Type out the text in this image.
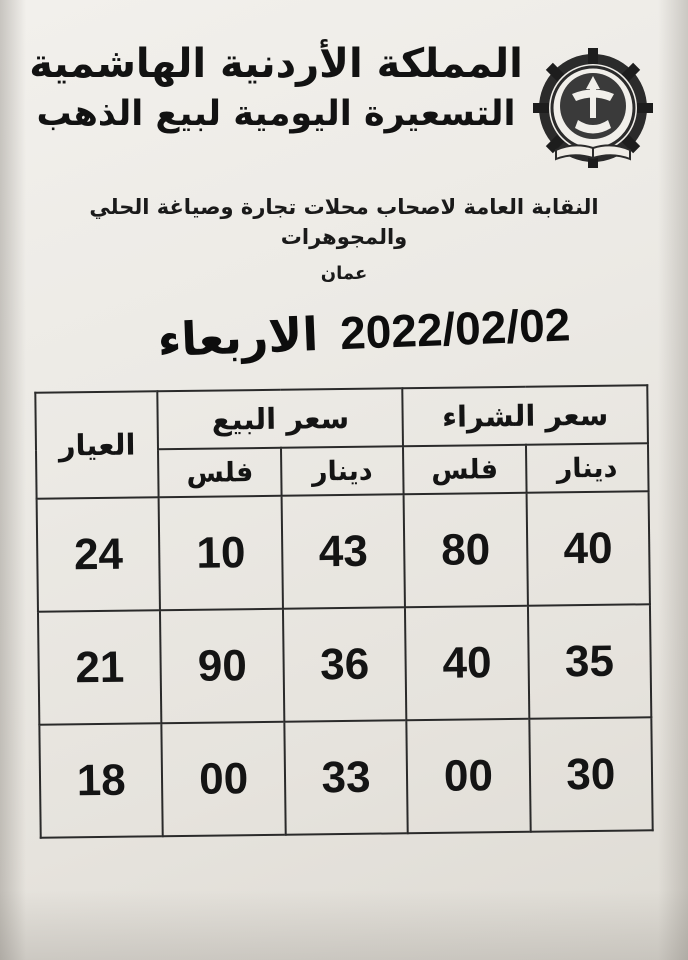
المملكة الأردنية الهاشمية
التسعيرة اليومية لبيع الذهب
النقابة العامة لاصحاب محلات تجارة وصياغة الحلي والمجوهرات
عمان
2022/02/02
الاربعاء
سعر الشراء		سعر البيع		العيار
دينار	فلس	دينار	فلس	
40	80	43	10	24
35	40	36	90	21
30	00	33	00	18
